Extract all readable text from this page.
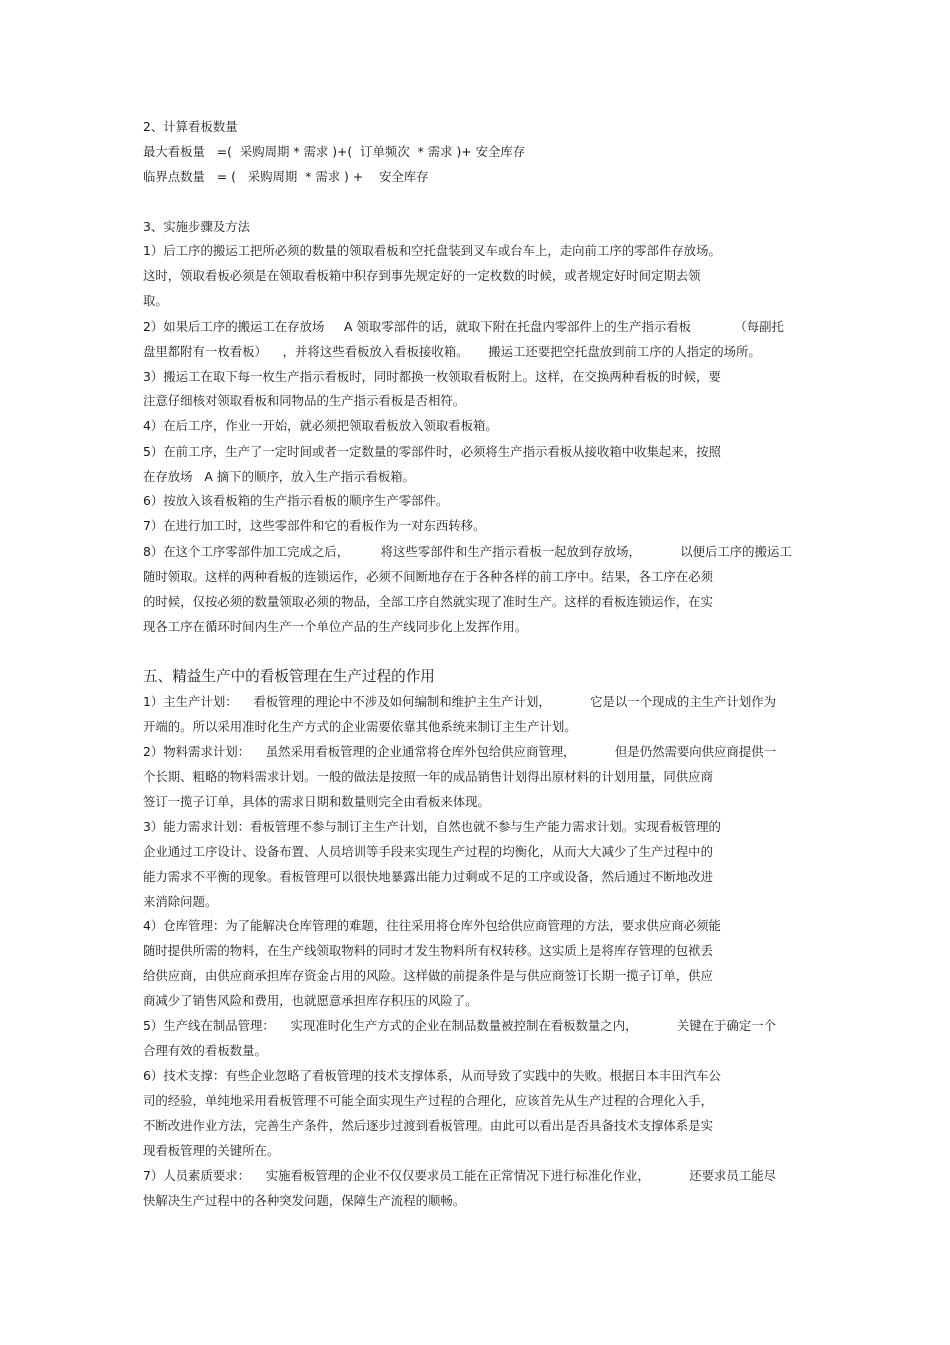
2、计算看板数量
最大看板量   =(  采购周期 * 需求 )+(  订单频次  * 需求 )+ 安全库存
临界点数量   = (   采购周期  * 需求 ) +    安全库存
3、实施步骤及方法
1）后工序的搬运工把所必须的数量的领取看板和空托盘装到叉车或台车上，走向前工序的零部件存放场。
这时，领取看板必须是在领取看板箱中积存到事先规定好的一定枚数的时候，或者规定好时间定期去领
取。
2）如果后工序的搬运工在存放场     A 领取零部件的话，就取下附在托盘内零部件上的生产指示看板           （每副托
盘里都附有一枚看板）    ，并将这些看板放入看板接收箱。     搬运工还要把空托盘放到前工序的人指定的场所。
3）搬运工在取下每一枚生产指示看板时，同时都换一枚领取看板附上。这样，在交换两种看板的时候，要
注意仔细核对领取看板和同物品的生产指示看板是否相符。
4）在后工序，作业一开始，就必须把领取看板放入领取看板箱。
5）在前工序，生产了一定时间或者一定数量的零部件时，必须将生产指示看板从接收箱中收集起来，按照
在存放场   A 摘下的顺序，放入生产指示看板箱。
6）按放入该看板箱的生产指示看板的顺序生产零部件。
7）在进行加工时，这些零部件和它的看板作为一对东西转移。
8）在这个工序零部件加工完成之后，        将这些零部件和生产指示看板一起放到存放场，          以便后工序的搬运工
随时领取。这样的两种看板的连锁运作，必须不间断地存在于各种各样的前工序中。结果，各工序在必须
的时候，仅按必须的数量领取必须的物品，全部工序自然就实现了准时生产。这样的看板连锁运作，在实
现各工序在循环时间内生产一个单位产品的生产线同步化上发挥作用。
五、精益生产中的看板管理在生产过程的作用
1）主生产计划：    看板管理的理论中不涉及如何编制和维护主生产计划，          它是以一个现成的主生产计划作为
开端的。所以采用准时化生产方式的企业需要依靠其他系统来制订主生产计划。
2）物料需求计划：    虽然采用看板管理的企业通常将仓库外包给供应商管理，          但是仍然需要向供应商提供一
个长期、粗略的物料需求计划。一般的做法是按照一年的成品销售计划得出原材料的计划用量，同供应商
签订一揽子订单，具体的需求日期和数量则完全由看板来体现。
3）能力需求计划：看板管理不参与制订主生产计划，自然也就不参与生产能力需求计划。实现看板管理的
企业通过工序设计、设备布置、人员培训等手段来实现生产过程的均衡化，从而大大减少了生产过程中的
能力需求不平衡的现象。看板管理可以很快地暴露出能力过剩或不足的工序或设备，然后通过不断地改进
来消除问题。
4）仓库管理：为了能解决仓库管理的难题，往往采用将仓库外包给供应商管理的方法，要求供应商必须能
随时提供所需的物料，在生产线领取物料的同时才发生物料所有权转移。这实质上是将库存管理的包袱丢
给供应商，由供应商承担库存资金占用的风险。这样做的前提条件是与供应商签订长期一揽子订单，供应
商减少了销售风险和费用，也就愿意承担库存积压的风险了。
5）生产线在制品管理：    实现准时化生产方式的企业在制品数量被控制在看板数量之内，          关键在于确定一个
合理有效的看板数量。
6）技术支撑：有些企业忽略了看板管理的技术支撑体系，从而导致了实践中的失败。根据日本丰田汽车公
司的经验，单纯地采用看板管理不可能全面实现生产过程的合理化，应该首先从生产过程的合理化入手，
不断改进作业方法，完善生产条件，然后逐步过渡到看板管理。由此可以看出是否具备技术支撑体系是实
现看板管理的关键所在。
7）人员素质要求：    实施看板管理的企业不仅仅要求员工能在正常情况下进行标准化作业，          还要求员工能尽
快解决生产过程中的各种突发问题，保障生产流程的顺畅。
